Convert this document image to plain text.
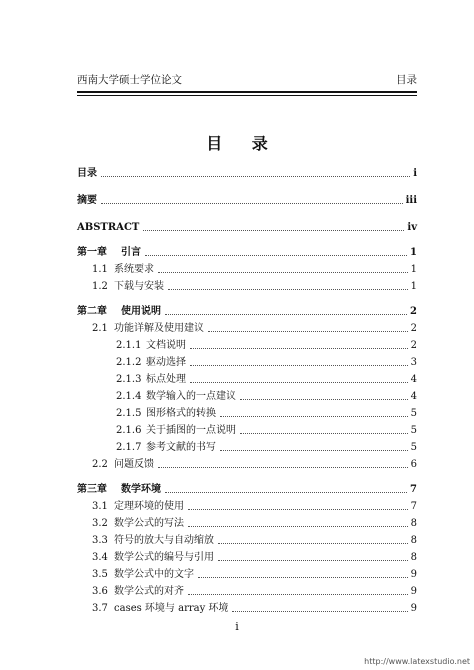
西南大学硕士学位论文	目录
目 录
目录	i
摘要	iii
ABSTRACT	iv
第一章	引言	1
1.1 系统要求	1
1.2 下载与安装	1
第二章	使用说明	2
2.1 功能详解及使用建议	2
2.1.1 文档说明	2
2.1.2 驱动选择	3
2.1.3 标点处理	4
2.1.4 数学输入的一点建议	4
2.1.5 图形格式的转换	5
2.1.6 关于插图的一点说明	5
2.1.7 参考文献的书写	5
2.2 问题反馈	6
第三章	数学环境	7
3.1 定理环境的使用	7
3.2 数学公式的写法	8
3.3 符号的放大与自动缩放	8
3.4 数学公式的编号与引用	8
3.5 数学公式中的文字	9
3.6 数学公式的对齐	9
3.7 cases 环境与 array 环境	9
i
http://www.latexstudio.net
